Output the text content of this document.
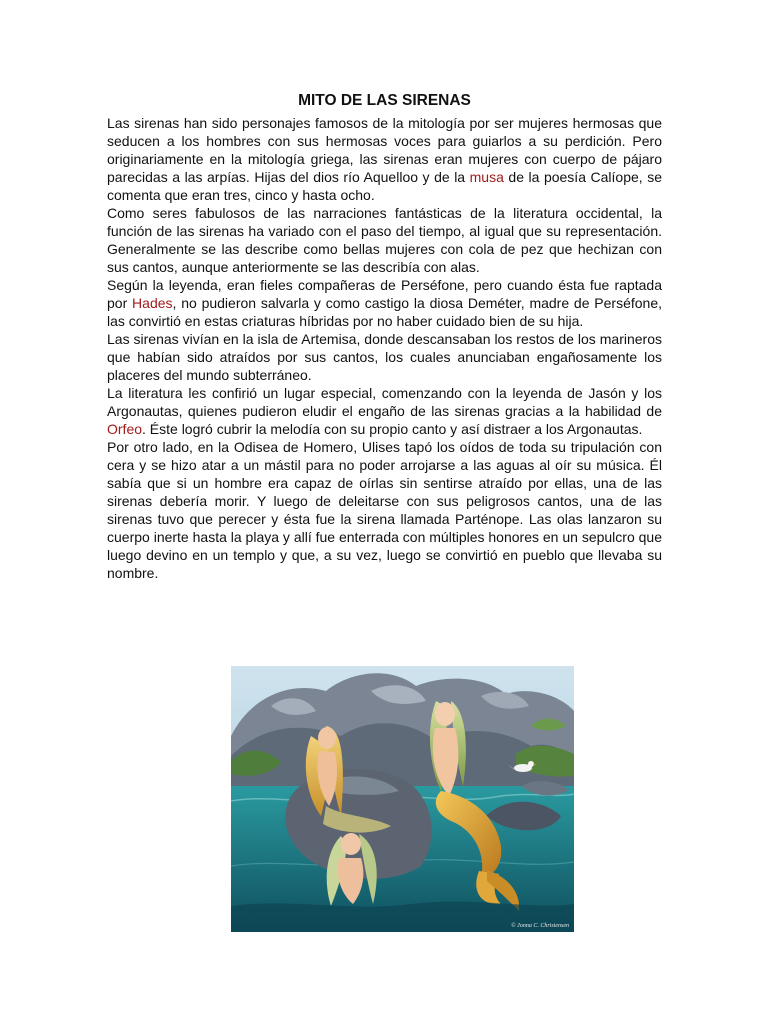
MITO DE LAS SIRENAS

Las sirenas han sido personajes famosos de la mitología por ser mujeres hermosas que seducen a los hombres con sus hermosas voces para guiarlos a su perdición. Pero originariamente en la mitología griega, las sirenas eran mujeres con cuerpo de pájaro parecidas a las arpías. Hijas del dios río Aquelloo y de la musa de la poesía Calíope, se comenta que eran tres, cinco y hasta ocho.

Como seres fabulosos de las narraciones fantásticas de la literatura occidental, la función de las sirenas ha variado con el paso del tiempo, al igual que su representación. Generalmente se las describe como bellas mujeres con cola de pez que hechizan con sus cantos, aunque anteriormente se las describía con alas.

Según la leyenda, eran fieles compañeras de Perséfone, pero cuando ésta fue raptada por Hades, no pudieron salvarla y como castigo la diosa Deméter, madre de Perséfone, las convirtió en estas criaturas híbridas por no haber cuidado bien de su hija.

Las sirenas vivían en la isla de Artemisa, donde descansaban los restos de los marineros que habían sido atraídos por sus cantos, los cuales anunciaban engañosamente los placeres del mundo subterráneo.

La literatura les confirió un lugar especial, comenzando con la leyenda de Jasón y los Argonautas, quienes pudieron eludir el engaño de las sirenas gracias a la habilidad de Orfeo. Éste logró cubrir la melodía con su propio canto y así distraer a los Argonautas.

Por otro lado, en la Odisea de Homero, Ulises tapó los oídos de toda su tripulación con cera y se hizo atar a un mástil para no poder arrojarse a las aguas al oír su música. Él sabía que si un hombre era capaz de oírlas sin sentirse atraído por ellas, una de las sirenas debería morir. Y luego de deleitarse con sus peligrosos cantos, una de las sirenas tuvo que perecer y ésta fue la sirena llamada Parténope. Las olas lanzaron su cuerpo inerte hasta la playa y allí fue enterrada con múltiples honores en un sepulcro que luego devino en un templo y que, a su vez, luego se convirtió en pueblo que llevaba su nombre.

© Jonna C. Christensen
